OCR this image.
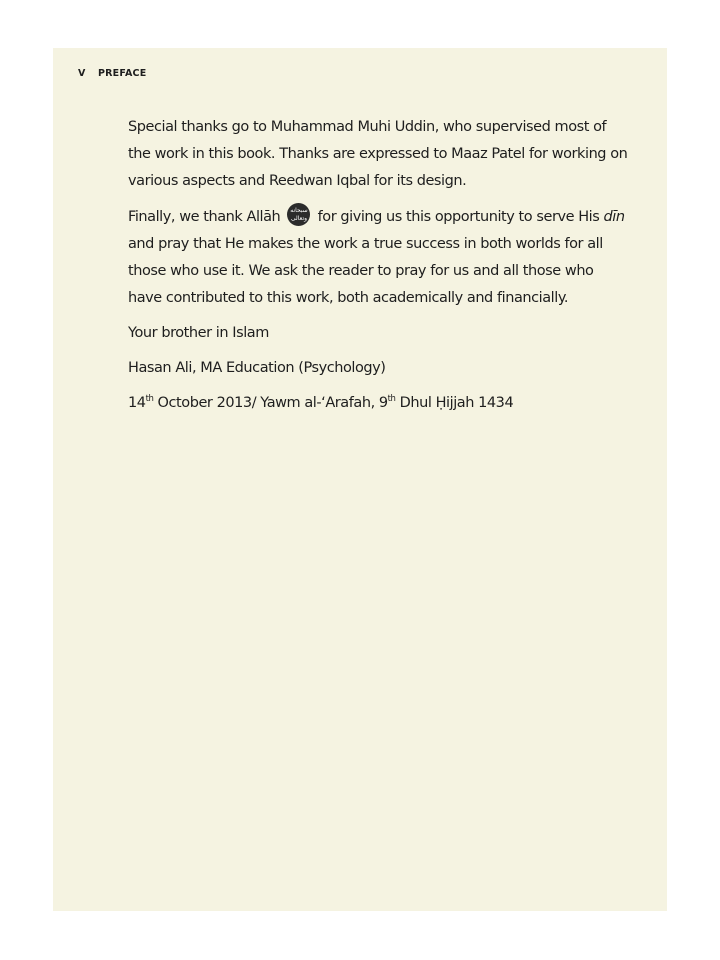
V PREFACE

Special thanks go to Muhammad Muhi Uddin, who supervised most of the work in this book. Thanks are expressed to Maaz Patel for working on various aspects and Reedwan Iqbal for its design.

Finally, we thank Allāh سبحانه وتعالى for giving us this opportunity to serve His dīn and pray that He makes the work a true success in both worlds for all those who use it. We ask the reader to pray for us and all those who have contributed to this work, both academically and financially.

Your brother in Islam

Hasan Ali, MA Education (Psychology)

14th October 2013/ Yawm al-‘Arafah, 9th Dhul Ḥijjah 1434
